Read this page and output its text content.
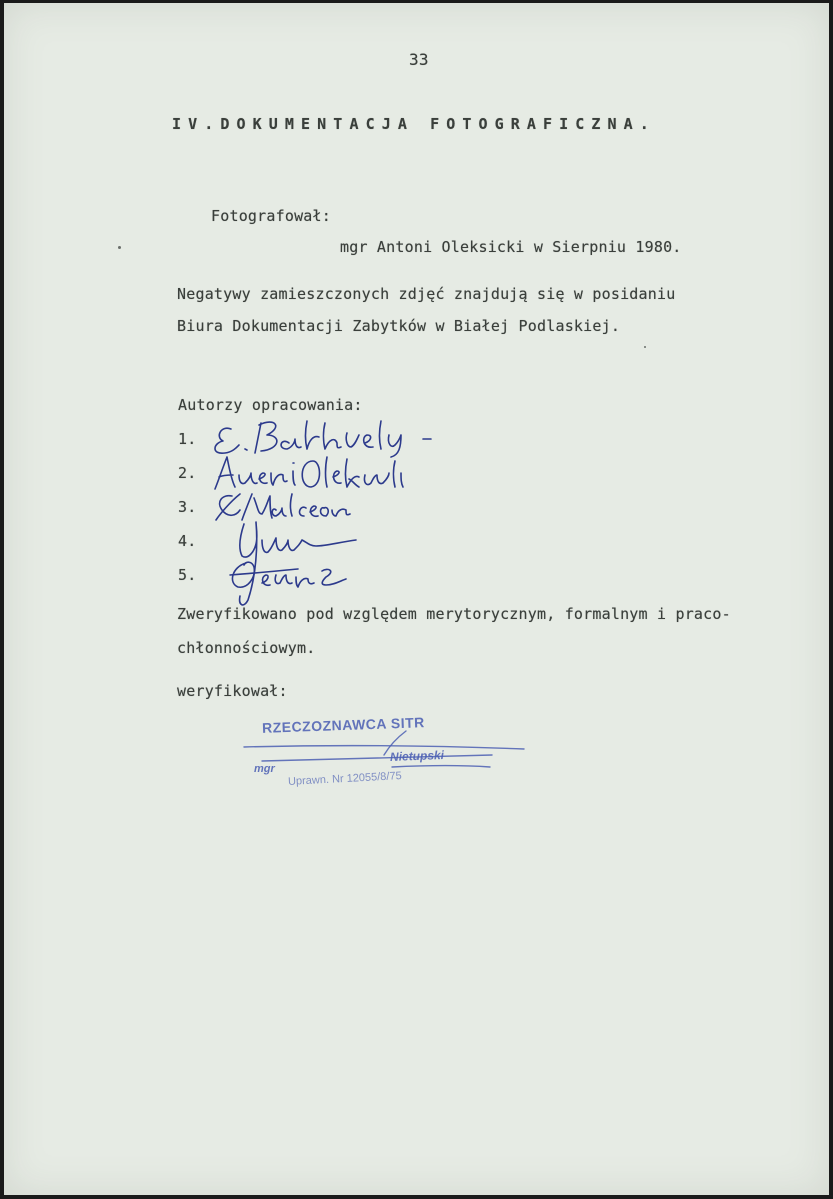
33
IV.DOKUMENTACJA FOTOGRAFICZNA.
Fotografował:
mgr Antoni Oleksicki w Sierpniu 1980.
Negatywy zamieszczonych zdjęć znajdują się w posidaniu
Biura Dokumentacji Zabytków w Białej Podlaskiej.
Autorzy opracowania:
1.
2.
3.
4.
5.
Zweryfikowano pod względem merytorycznym, formalnym i praco-
chłonnościowym.
weryfikował:
RZECZOZNAWCA SITR
Nietupski
mgr
Uprawn. Nr 12055/8/75
